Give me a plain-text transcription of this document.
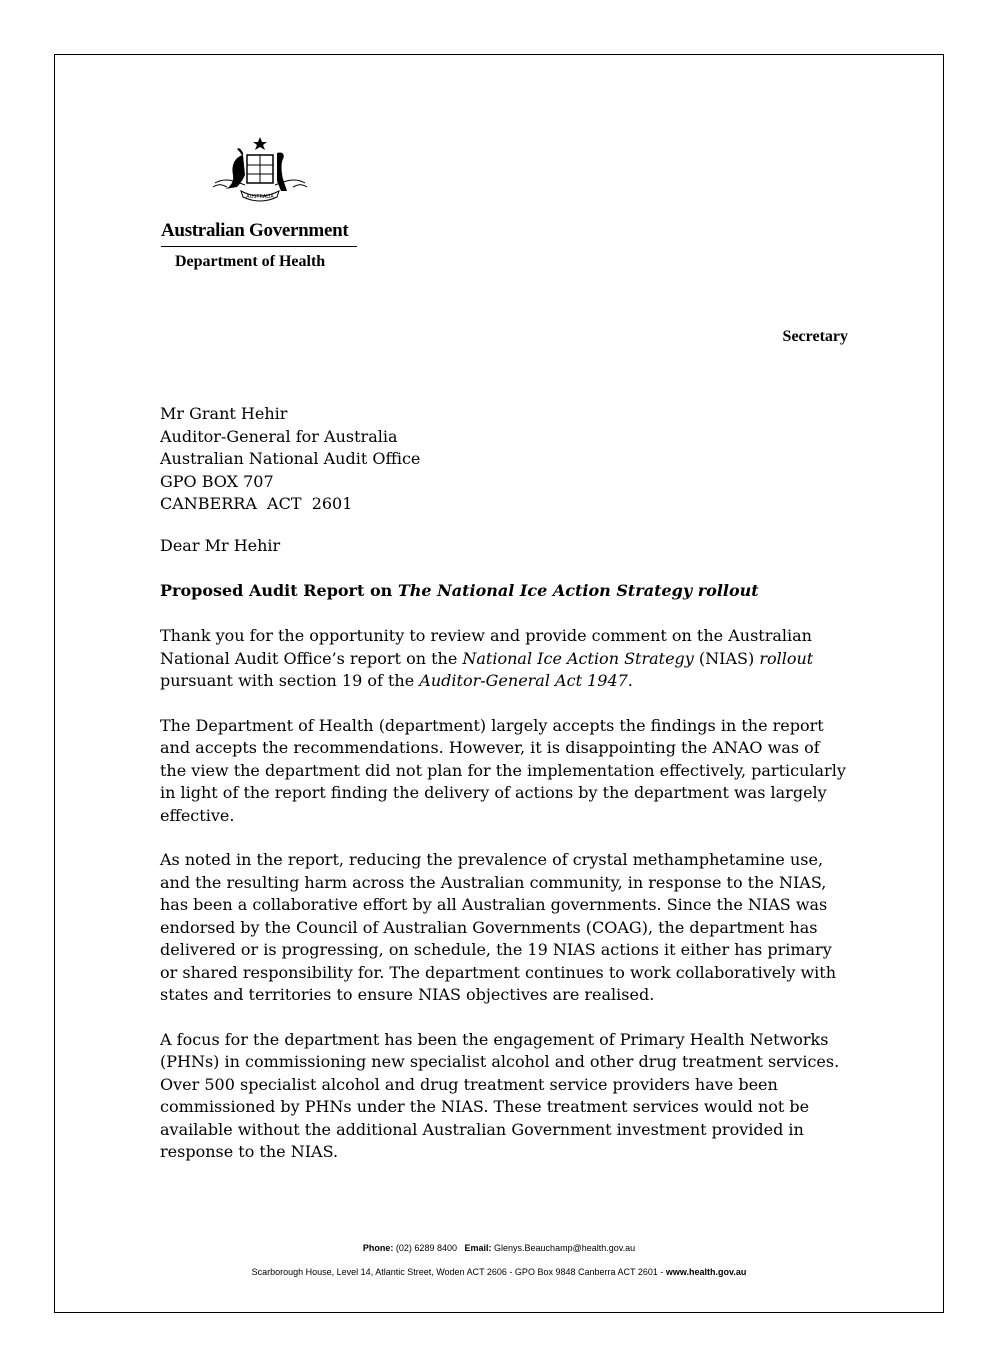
AUSTRALIA
Australian Government
Department of Health
Secretary
Mr Grant Hehir
Auditor-General for Australia
Australian National Audit Office
GPO BOX 707
CANBERRA  ACT  2601
Dear Mr Hehir
Proposed Audit Report on The National Ice Action Strategy rollout

Thank you for the opportunity to review and provide comment on the Australian National Audit Office’s report on the National Ice Action Strategy (NIAS) rollout pursuant with section 19 of the Auditor-General Act 1947.

The Department of Health (department) largely accepts the findings in the report and accepts the recommendations. However, it is disappointing the ANAO was of the view the department did not plan for the implementation effectively, particularly in light of the report finding the delivery of actions by the department was largely effective.

As noted in the report, reducing the prevalence of crystal methamphetamine use, and the resulting harm across the Australian community, in response to the NIAS, has been a collaborative effort by all Australian governments. Since the NIAS was endorsed by the Council of Australian Governments (COAG), the department has delivered or is progressing, on schedule, the 19 NIAS actions it either has primary or shared responsibility for. The department continues to work collaboratively with states and territories to ensure NIAS objectives are realised.

A focus for the department has been the engagement of Primary Health Networks (PHNs) in commissioning new specialist alcohol and other drug treatment services. Over 500 specialist alcohol and drug treatment service providers have been commissioned by PHNs under the NIAS. These treatment services would not be available without the additional Australian Government investment provided in response to the NIAS.

Phone: (02) 6289 8400 Email: Glenys.Beauchamp@health.gov.au
Scarborough House, Level 14, Atlantic Street, Woden ACT 2606 - GPO Box 9848 Canberra ACT 2601 - www.health.gov.au
